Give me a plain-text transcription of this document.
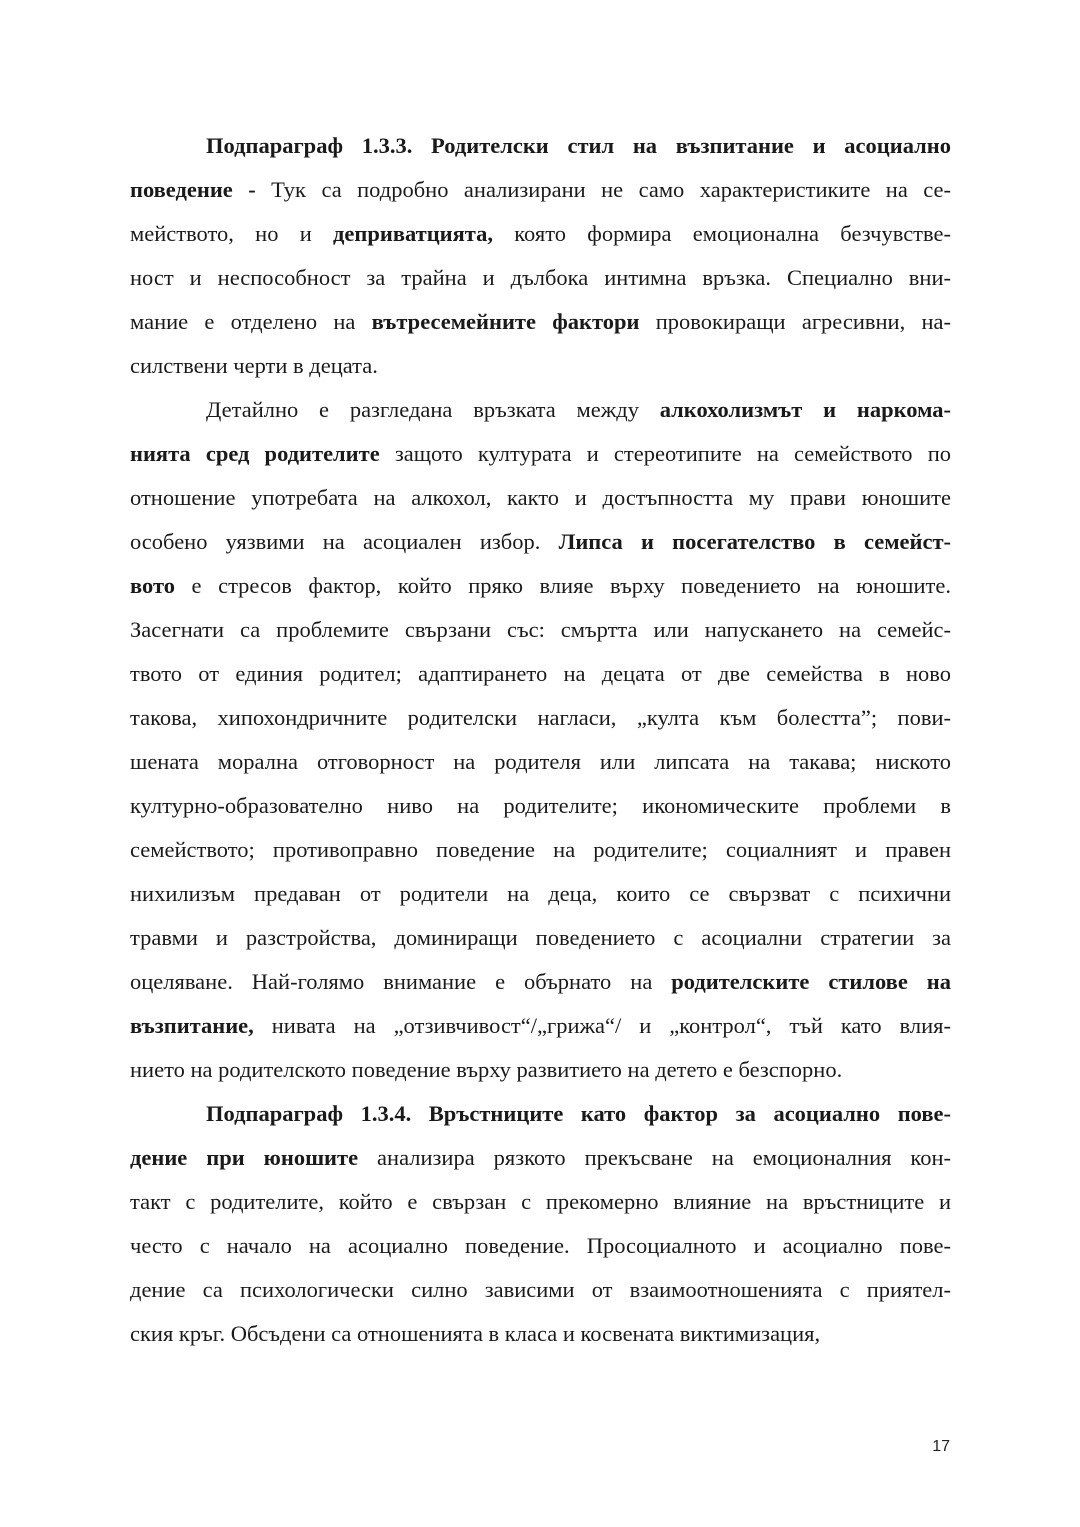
Подпараграф 1.3.3. Родителски стил на възпитание и асоциално
поведение - Тук са подробно анализирани не само характеристиките на се-
мейството, но и деприватцията, която формира емоционална безчувстве-
ност и неспособност за трайна и дълбока интимна връзка. Специално вни-
мание е отделено на вътресемейните фактори провокиращи агресивни, на-
силствени черти в децата.
Детайлно е разгледана връзката между алкохолизмът и наркома-
нията сред родителите защото културата и стереотипите на семейството по
отношение употребата на алкохол, както и достъпността му прави юношите
особено уязвими на асоциален избор. Липса и посегателство в семейст-
вото е стресов фактор, който пряко влияе върху поведението на юношите.
Засегнати са проблемите свързани със: смъртта или напускането на семейс-
твото от единия родител; адаптирането на децата от две семейства в ново
такова, хипохондричните родителски нагласи, „култа към болестта”; пови-
шената морална отговорност на родителя или липсата на такава; ниското
културно-образователно ниво на родителите; икономическите проблеми в
семейството; противоправно поведение на родителите; социалният и правен
нихилизъм предаван от родители на деца, които се свързват с психични
травми и разстройства, доминиращи поведението с асоциални стратегии за
оцеляване. Най-голямо внимание е обърнато на родителските стилове на
възпитание, нивата на „отзивчивост“/„грижа“/ и „контрол“, тъй като влия-
нието на родителското поведение върху развитието на детето е безспорно.
Подпараграф 1.3.4. Връстниците като фактор за асоциално пове-
дение при юношите анализира рязкото прекъсване на емоционалния кон-
такт с родителите, който е свързан с прекомерно влияние на връстниците и
често с начало на асоциално поведение. Просоциалното и асоциално пове-
дение са психологически силно зависими от взаимоотношенията с приятел-
ския кръг. Обсъдени са отношенията в класа и косвената виктимизация,
17
